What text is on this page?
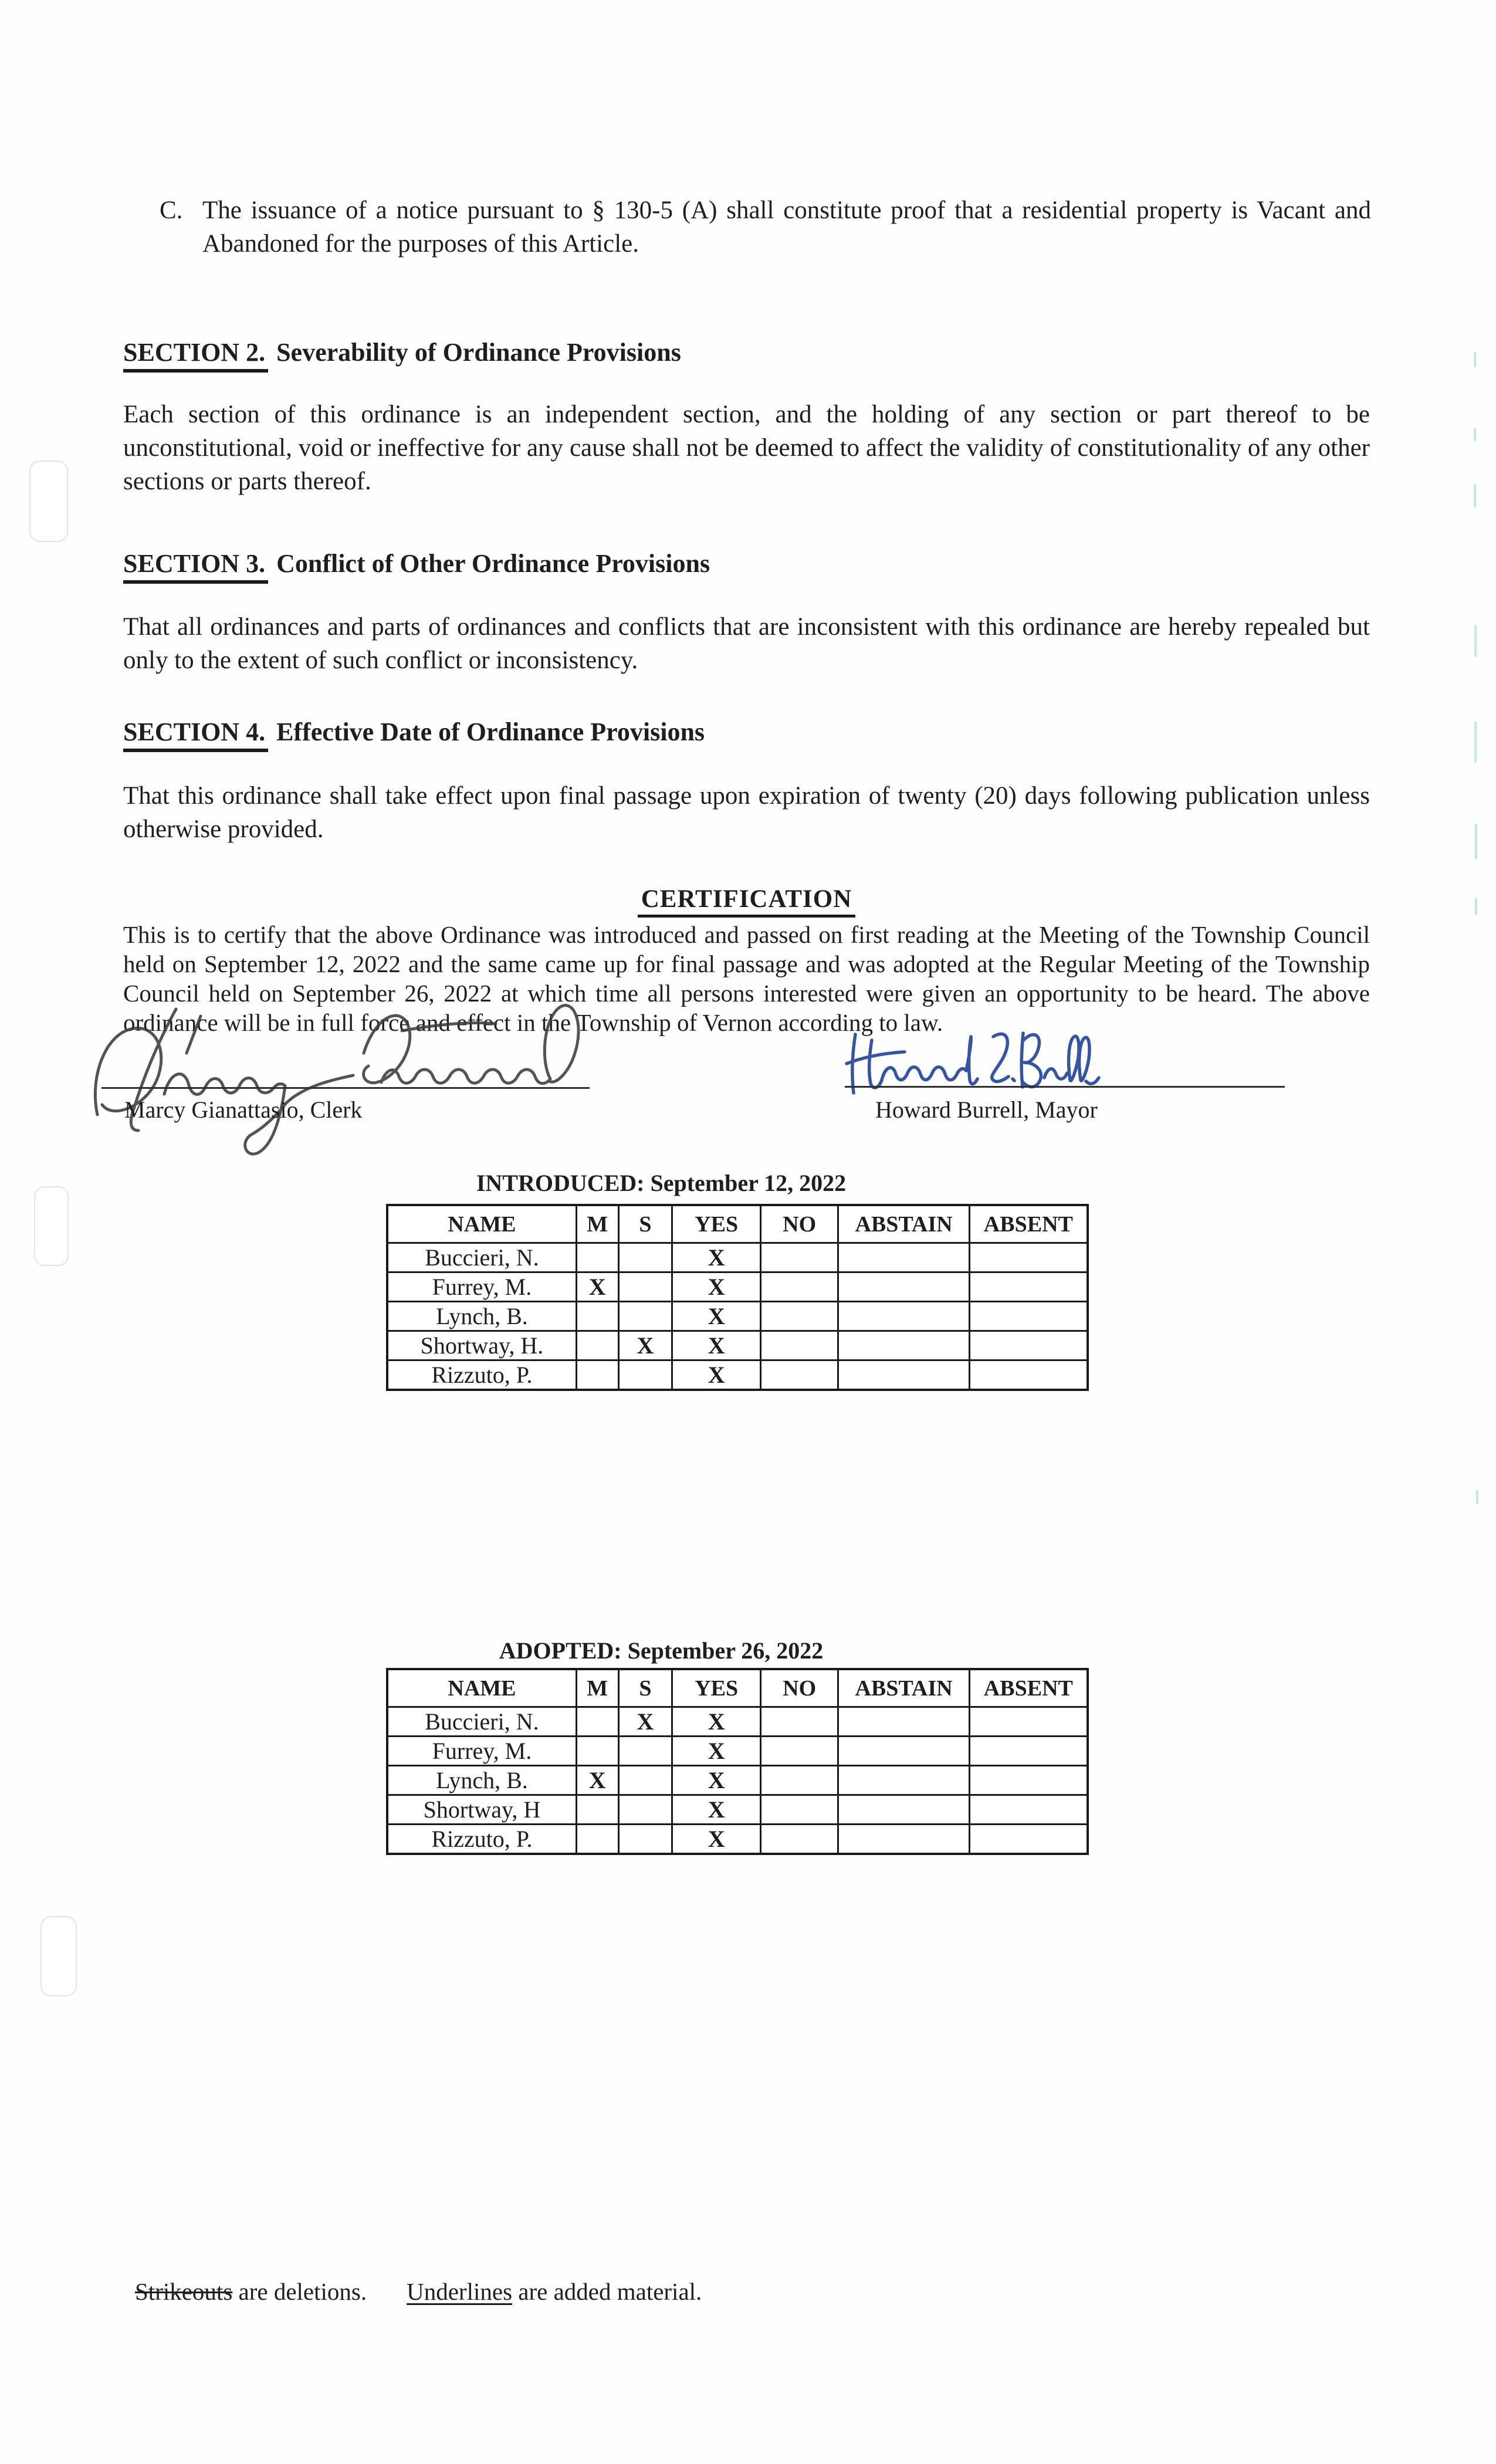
C. The issuance of a notice pursuant to § 130-5 (A) shall constitute proof that a residential property is Vacant and Abandoned for the purposes of this Article.
SECTION 2. Severability of Ordinance Provisions
Each section of this ordinance is an independent section, and the holding of any section or part thereof to be unconstitutional, void or ineffective for any cause shall not be deemed to affect the validity of constitutionality of any other sections or parts thereof.
SECTION 3. Conflict of Other Ordinance Provisions
That all ordinances and parts of ordinances and conflicts that are inconsistent with this ordinance are hereby repealed but only to the extent of such conflict or inconsistency.
SECTION 4. Effective Date of Ordinance Provisions
That this ordinance shall take effect upon final passage upon expiration of twenty (20) days following publication unless otherwise provided.
CERTIFICATION
This is to certify that the above Ordinance was introduced and passed on first reading at the Meeting of the Township Council held on September 12, 2022 and the same came up for final passage and was adopted at the Regular Meeting of the Township Council held on September 26, 2022 at which time all persons interested were given an opportunity to be heard. The above ordinance will be in full force and effect in the Township of Vernon according to law.
Marcy Gianattasio, Clerk	Howard Burrell, Mayor
INTRODUCED: September 12, 2022
NAME	M	S	YES	NO	ABSTAIN	ABSENT
Buccieri, N.			X			
Furrey, M.	X		X			
Lynch, B.			X			
Shortway, H.		X	X			
Rizzuto, P.			X			
ADOPTED: September 26, 2022
NAME	M	S	YES	NO	ABSTAIN	ABSENT
Buccieri, N.		X	X			
Furrey, M.			X			
Lynch, B.	X		X			
Shortway, H			X			
Rizzuto, P.			X			
Strikeouts are deletions. Underlines are added material.
